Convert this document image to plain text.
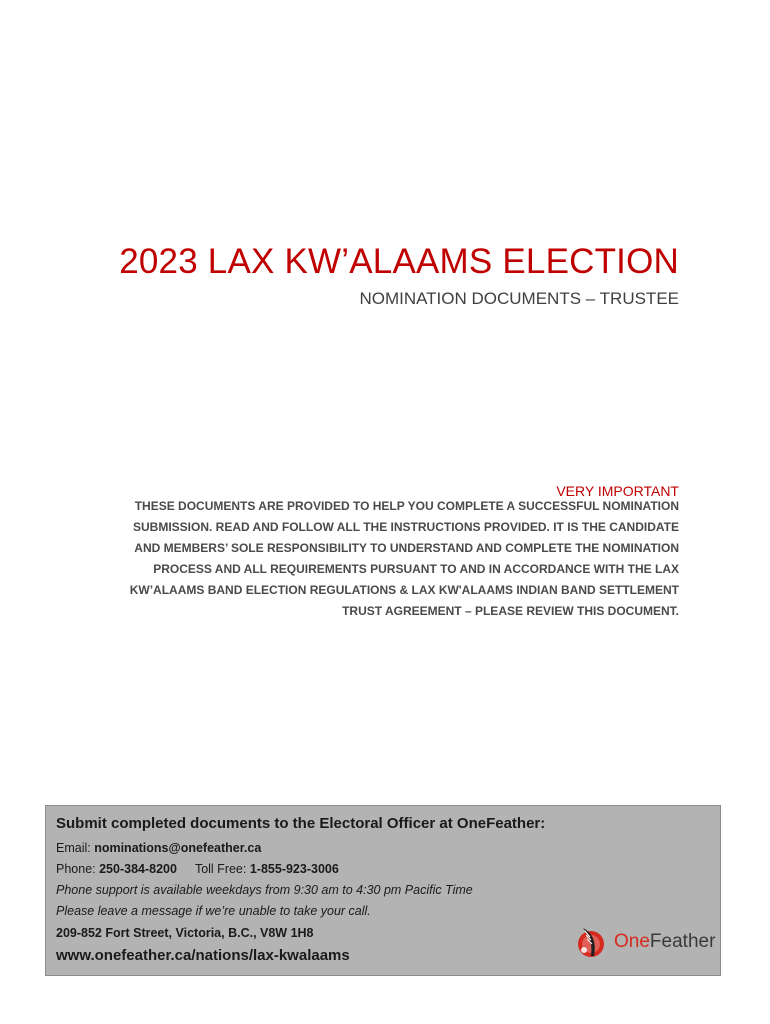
2023 LAX KW’ALAAMS ELECTION
NOMINATION DOCUMENTS – TRUSTEE
VERY IMPORTANT
THESE DOCUMENTS ARE PROVIDED TO HELP YOU COMPLETE A SUCCESSFUL NOMINATION
SUBMISSION. READ AND FOLLOW ALL THE INSTRUCTIONS PROVIDED. IT IS THE CANDIDATE
AND MEMBERS’ SOLE RESPONSIBILITY TO UNDERSTAND AND COMPLETE THE NOMINATION
PROCESS AND ALL REQUIREMENTS PURSUANT TO AND IN ACCORDANCE WITH THE LAX
KW’ALAAMS BAND ELECTION REGULATIONS & LAX KW'ALAAMS INDIAN BAND SETTLEMENT
TRUST AGREEMENT – PLEASE REVIEW THIS DOCUMENT.
Submit completed documents to the Electoral Officer at OneFeather:
Email: nominations@onefeather.ca
Phone: 250-384-8200 Toll Free: 1-855-923-3006
Phone support is available weekdays from 9:30 am to 4:30 pm Pacific Time
Please leave a message if we’re unable to take your call.
209-852 Fort Street, Victoria, B.C., V8W 1H8
www.onefeather.ca/nations/lax-kwalaams
OneFeather
